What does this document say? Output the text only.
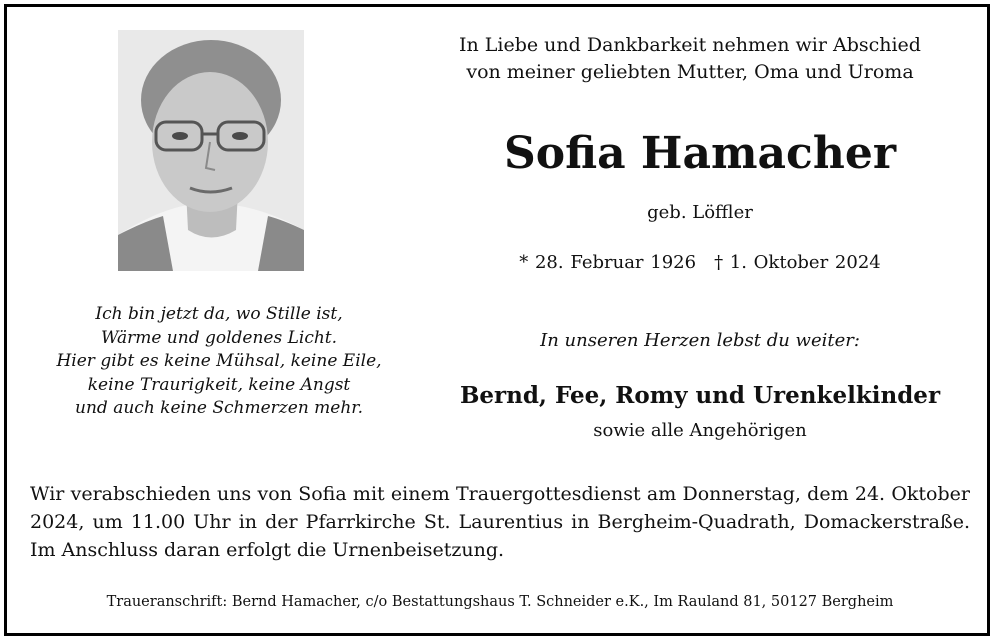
Ich bin jetzt da, wo Stille ist,
Wärme und goldenes Licht.
Hier gibt es keine Mühsal, keine Eile,
keine Traurigkeit, keine Angst
und auch keine Schmerzen mehr.
In Liebe und Dankbarkeit nehmen wir Abschied
von meiner geliebten Mutter, Oma und Uroma
Sofia Hamacher
geb. Löffler
* 28. Februar 1926 † 1. Oktober 2024
In unseren Herzen lebst du weiter:
Bernd, Fee, Romy und Urenkelkinder
sowie alle Angehörigen

Wir verabschieden uns von Sofia mit einem Trauergottesdienst am Donnerstag, dem 24. Oktober 2024, um 11.00 Uhr in der Pfarrkirche St. Laurentius in Bergheim-Quadrath, Domackerstraße. Im Anschluss daran erfolgt die Urnenbeisetzung.

Traueranschrift: Bernd Hamacher, c/o Bestattungshaus T. Schneider e.K., Im Rauland 81, 50127 Bergheim
